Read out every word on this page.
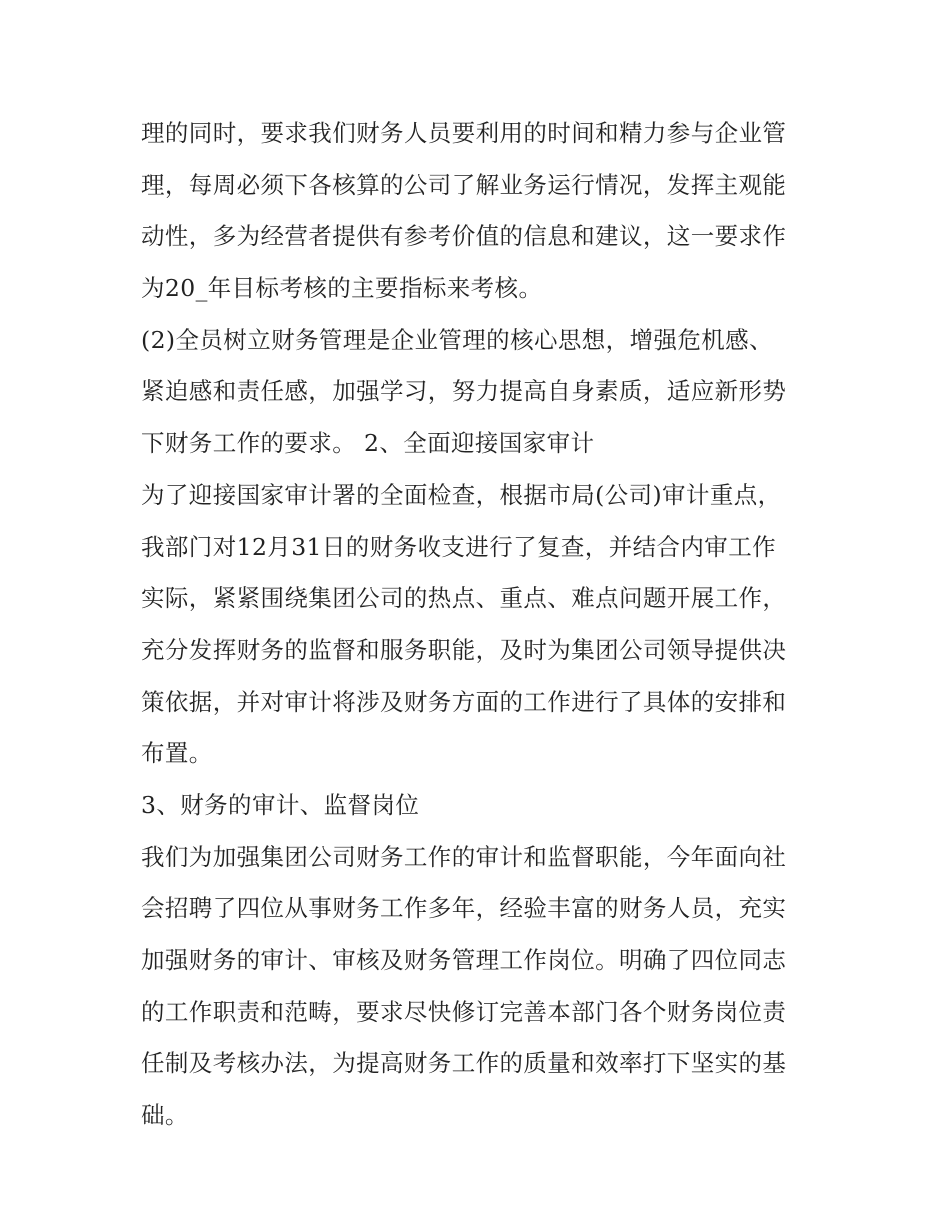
理的同时，要求我们财务人员要利用的时间和精力参与企业管
理，每周必须下各核算的公司了解业务运行情况，发挥主观能
动性，多为经营者提供有参考价值的信息和建议，这一要求作
为20_年目标考核的主要指标来考核。
(2)全员树立财务管理是企业管理的核心思想，增强危机感、
紧迫感和责任感，加强学习，努力提高自身素质，适应新形势
下财务工作的要求。 2、全面迎接国家审计
为了迎接国家审计署的全面检查，根据市局(公司)审计重点，
我部门对12月31日的财务收支进行了复查，并结合内审工作
实际，紧紧围绕集团公司的热点、重点、难点问题开展工作，
充分发挥财务的监督和服务职能，及时为集团公司领导提供决
策依据，并对审计将涉及财务方面的工作进行了具体的安排和
布置。
3、财务的审计、监督岗位
我们为加强集团公司财务工作的审计和监督职能，今年面向社
会招聘了四位从事财务工作多年，经验丰富的财务人员，充实
加强财务的审计、审核及财务管理工作岗位。明确了四位同志
的工作职责和范畴，要求尽快修订完善本部门各个财务岗位责
任制及考核办法，为提高财务工作的质量和效率打下坚实的基
础。
